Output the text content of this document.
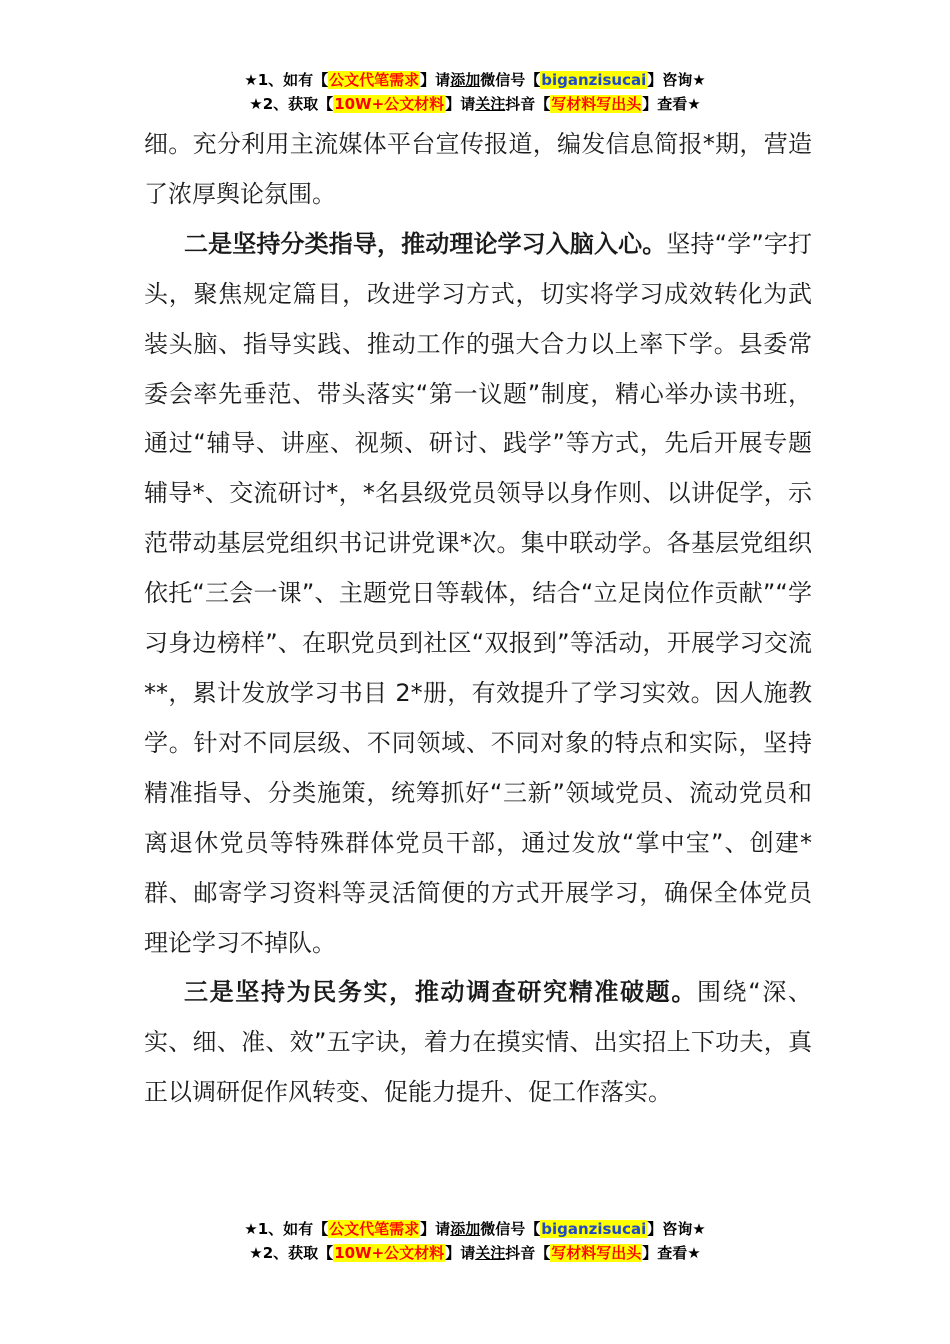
★1、如有【公文代笔需求】请添加微信号【biganzisucai】咨询★
★2、获取【10W+公文材料】请关注抖音【写材料写出头】查看★

细。充分利用主流媒体平台宣传报道，编发信息简报*期，营造了浓厚舆论氛围。

二是坚持分类指导，推动理论学习入脑入心。坚持“学”字打头，聚焦规定篇目，改进学习方式，切实将学习成效转化为武装头脑、指导实践、推动工作的强大合力以上率下学。县委常委会率先垂范、带头落实“第一议题”制度，精心举办读书班，通过“辅导、讲座、视频、研讨、践学”等方式，先后开展专题辅导*、交流研讨*，*名县级党员领导以身作则、以讲促学，示范带动基层党组织书记讲党课*次。集中联动学。各基层党组织依托“三会一课”、主题党日等载体，结合“立足岗位作贡献”“学习身边榜样”、在职党员到社区“双报到”等活动，开展学习交流**，累计发放学习书目 2*册，有效提升了学习实效。因人施教学。针对不同层级、不同领域、不同对象的特点和实际，坚持精准指导、分类施策，统筹抓好“三新”领域党员、流动党员和离退休党员等特殊群体党员干部，通过发放“掌中宝”、创建*群、邮寄学习资料等灵活简便的方式开展学习，确保全体党员理论学习不掉队。

三是坚持为民务实，推动调查研究精准破题。围绕“深、实、细、准、效”五字诀，着力在摸实情、出实招上下功夫，真正以调研促作风转变、促能力提升、促工作落实。

★1、如有【公文代笔需求】请添加微信号【biganzisucai】咨询★
★2、获取【10W+公文材料】请关注抖音【写材料写出头】查看★
